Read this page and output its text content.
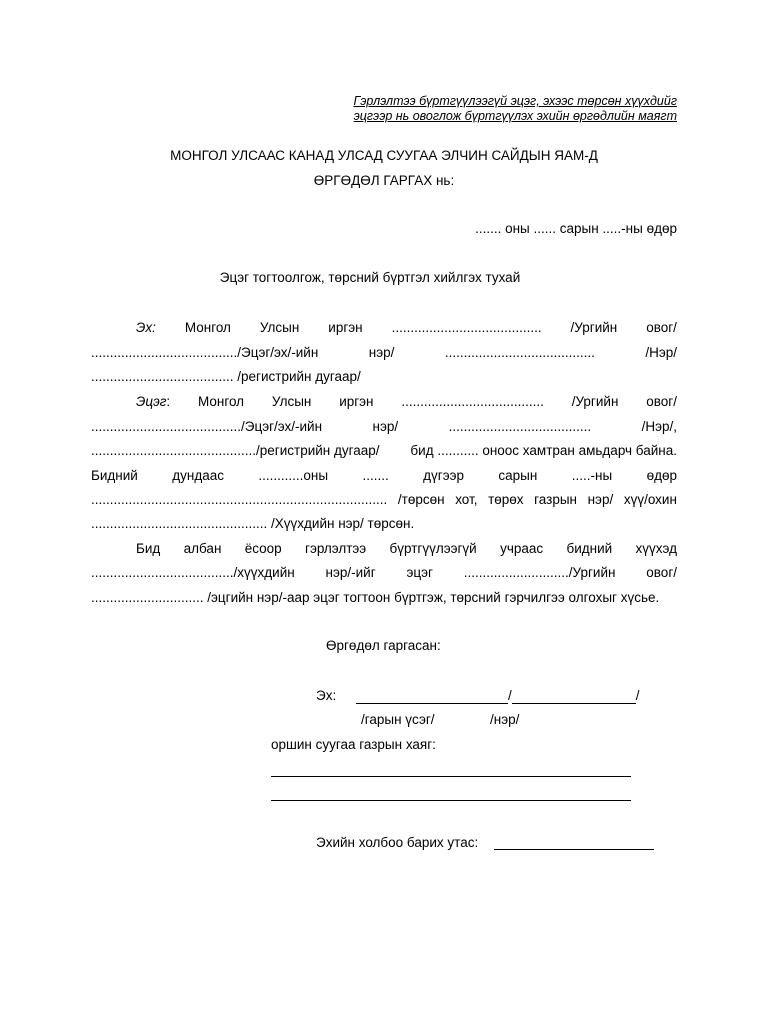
Гэрлэлтээ бүртгүүлээгүй эцэг, эхээс төрсөн хүүхдийг
эцгээр нь овоглож бүртгүүлэх эхийн өргөдлийн маягт
МОНГОЛ УЛСААС КАНАД УЛСАД СУУГАА ЭЛЧИН САЙДЫН ЯАМ-Д
ӨРГӨДӨЛ ГАРГАХ нь:
....... оны ...... сарын .....-ны өдөр
Эцэг тогтоолгож, төрсний бүртгэл хийлгэх тухай
Эх: Монгол Улсын иргэн ........................................ /Ургийн овог/
......................................./Эцэг/эх/-ийн	нэр/	........................................	/Нэр/
...................................... /регистрийн дугаар/
Эцэг: Монгол Улсын иргэн ...................................... /Ургийн овог/
......................................../Эцэг/эх/-ийн	нэр/	......................................	/Нэр/,
............................................/регистрийн дугаар/ бид ........... оноос хамтран амьдарч байна.
Бидний	дундаас	............оны	.......	дүгээр	сарын	.....-ны	өдөр
............................................................................... /төрсөн хот, төрөх газрын нэр/ хүү/охин
............................................... /Хүүхдийн нэр/ төрсөн.
Бид албан ёсоор гэрлэлтээ бүртгүүлээгүй учраас бидний хүүхэд
....................................../хүүхдийн нэр/-ийг эцэг ............................/Ургийн овог/
.............................. /эцгийн нэр/-аар эцэг тогтоон бүртгэж, төрсний гэрчилгээ олгохыг хүсье.
Өргөдөл гаргасан:
Эх:	/	/
/гарын үсэг/	/нэр/
оршин суугаа газрын хаяг:
Эхийн холбоо барих утас:
